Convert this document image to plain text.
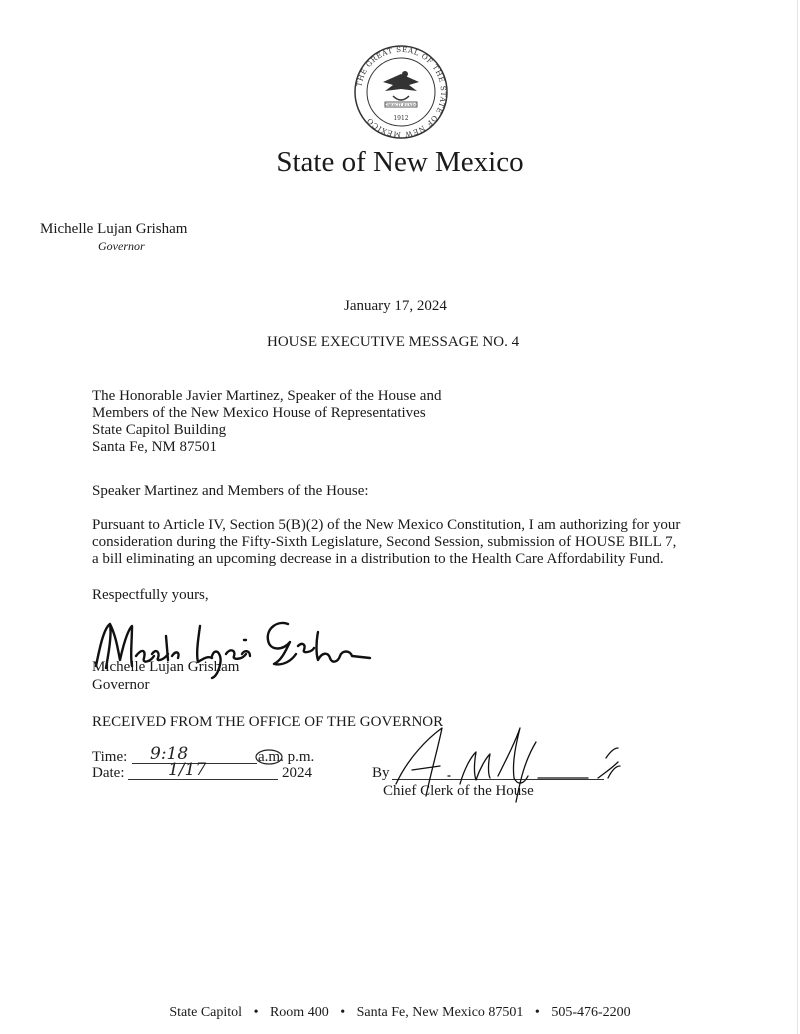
THE GREAT SEAL OF THE STATE OF NEW MEXICO
CRESCIT EUNDO
1912
State of New Mexico
Michelle Lujan Grisham
Governor
January 17, 2024
HOUSE EXECUTIVE MESSAGE NO. 4
The Honorable Javier Martinez, Speaker of the House and
Members of the New Mexico House of Representatives
State Capitol Building
Santa Fe, NM 87501
Speaker Martinez and Members of the House:
Pursuant to Article IV, Section 5(B)(2) of the New Mexico Constitution, I am authorizing for your
consideration during the Fifty-Sixth Legislature, Second Session, submission of HOUSE BILL 7,
a bill eliminating an upcoming decrease in a distribution to the Health Care Affordability Fund.
Respectfully yours,
Michelle Lujan Grisham
Governor
RECEIVED FROM THE OFFICE OF THE GOVERNOR
Time: 9:18	a.m. p.m.
Date:	1/17	2024	By
Chief Clerk of the House
State Capitol • Room 400 • Santa Fe, New Mexico 87501 • 505-476-2200
